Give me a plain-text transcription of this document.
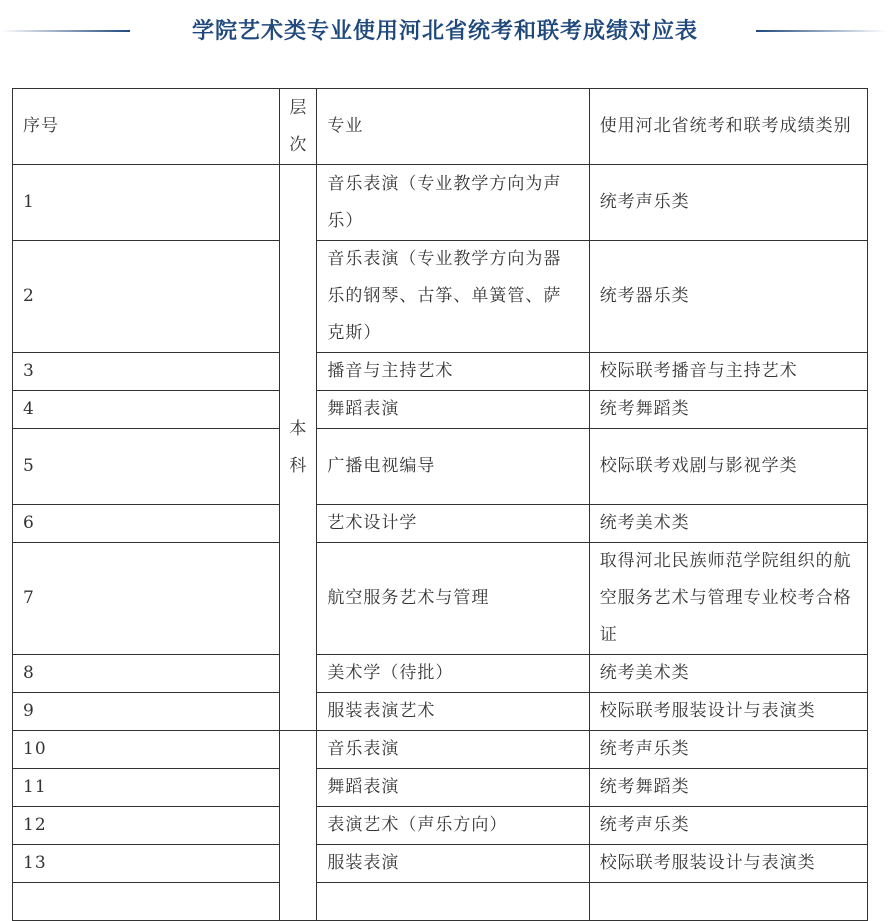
学院艺术类专业使用河北省统考和联考成绩对应表
序号	层次	专业	使用河北省统考和联考成绩类别
1	本科	音乐表演（专业教学方向为声乐）	统考声乐类
2		音乐表演（专业教学方向为器乐的钢琴、古筝、单簧管、萨克斯）	统考器乐类
3		播音与主持艺术	校际联考播音与主持艺术
4		舞蹈表演	统考舞蹈类
5		广播电视编导	校际联考戏剧与影视学类
6		艺术设计学	统考美术类
7		航空服务艺术与管理	取得河北民族师范学院组织的航空服务艺术与管理专业校考合格证
8		美术学（待批）	统考美术类
9		服装表演艺术	校际联考服装设计与表演类
10		音乐表演	统考声乐类
11		舞蹈表演	统考舞蹈类
12		表演艺术（声乐方向）	统考声乐类
13		服装表演	校际联考服装设计与表演类
